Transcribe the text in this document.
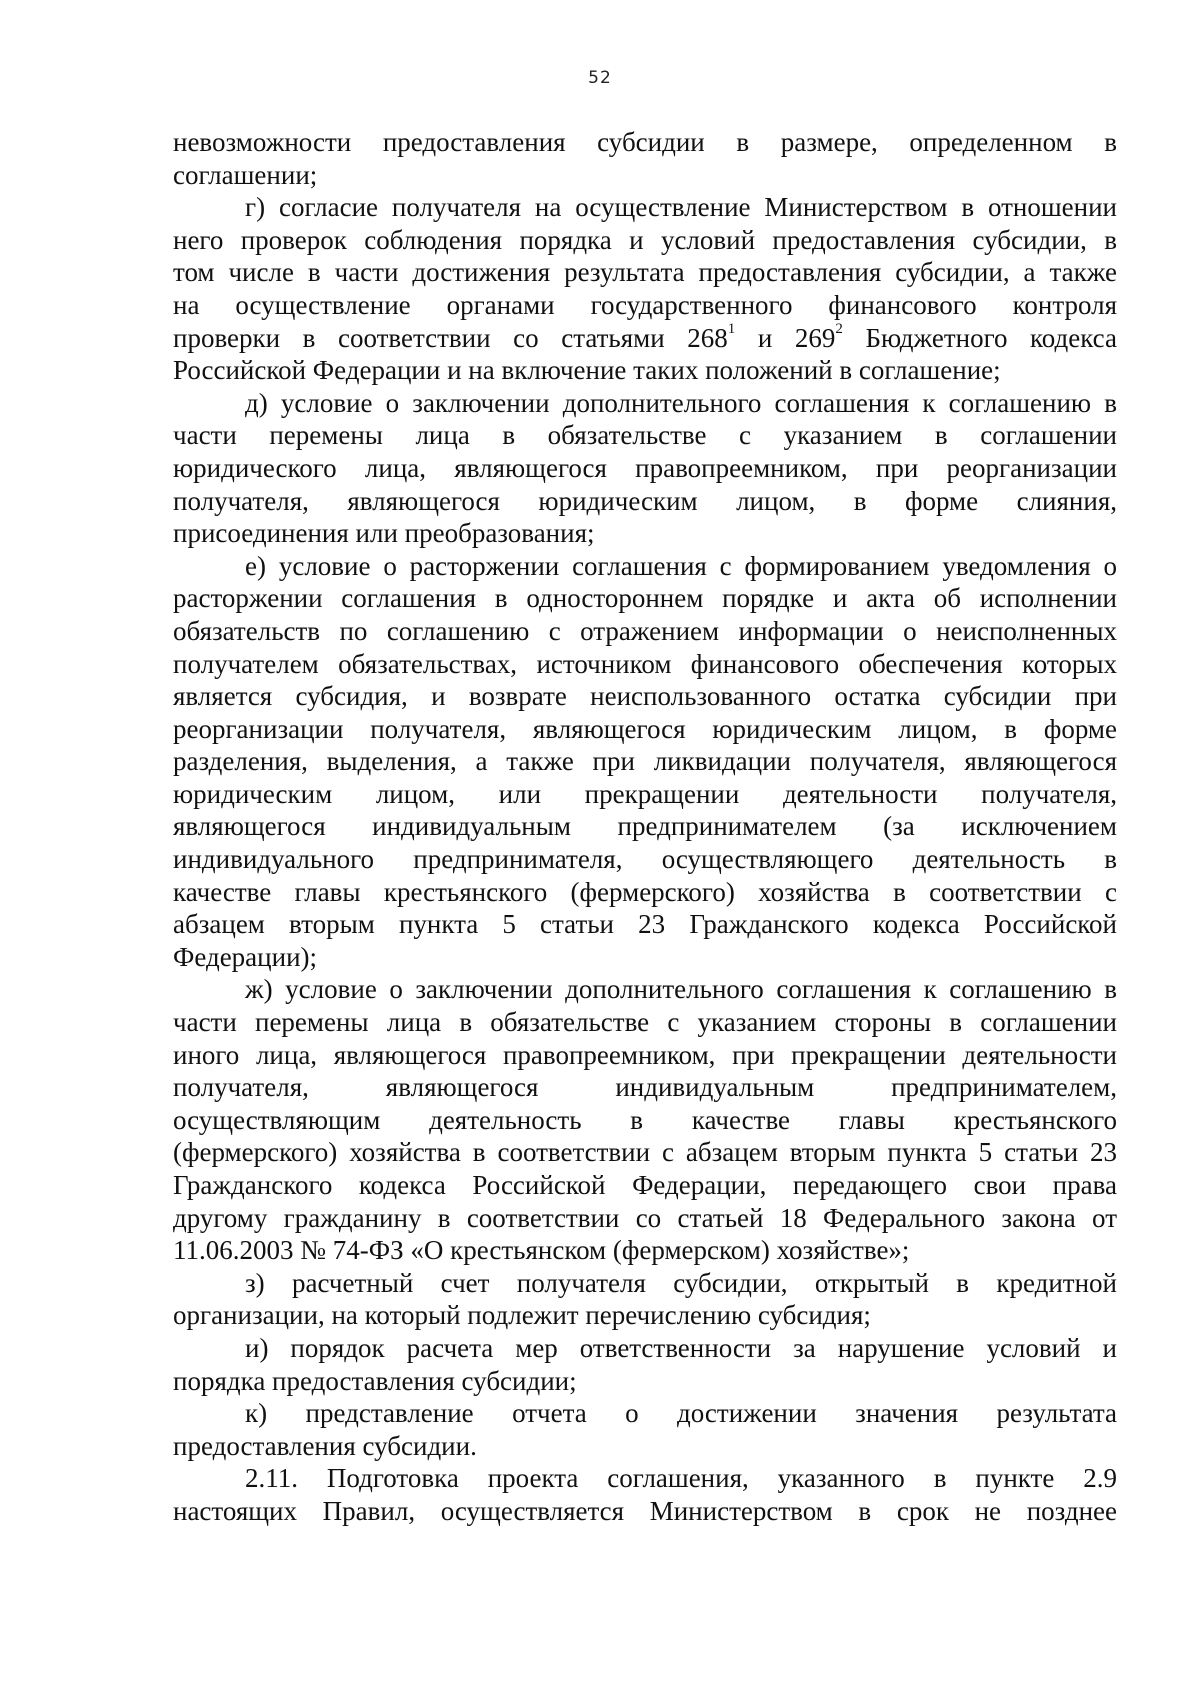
52
невозможности предоставления субсидии в размере, определенном в
соглашении;
г) согласие получателя на осуществление Министерством в отношении
него проверок соблюдения порядка и условий предоставления субсидии, в
том числе в части достижения результата предоставления субсидии, а также
на осуществление органами государственного финансового контроля
проверки в соответствии со статьями $268^1$ и $269^2$ Бюджетного кодекса
Российской Федерации и на включение таких положений в соглашение;
д) условие о заключении дополнительного соглашения к соглашению в
части перемены лица в обязательстве с указанием в соглашении
юридического лица, являющегося правопреемником, при реорганизации
получателя, являющегося юридическим лицом, в форме слияния,
присоединения или преобразования;
е) условие о расторжении соглашения с формированием уведомления о
расторжении соглашения в одностороннем порядке и акта об исполнении
обязательств по соглашению с отражением информации о неисполненных
получателем обязательствах, источником финансового обеспечения которых
является субсидия, и возврате неиспользованного остатка субсидии при
реорганизации получателя, являющегося юридическим лицом, в форме
разделения, выделения, а также при ликвидации получателя, являющегося
юридическим лицом, или прекращении деятельности получателя,
являющегося индивидуальным предпринимателем (за исключением
индивидуального предпринимателя, осуществляющего деятельность в
качестве главы крестьянского (фермерского) хозяйства в соответствии с
абзацем вторым пункта 5 статьи 23 Гражданского кодекса Российской
Федерации);
ж) условие о заключении дополнительного соглашения к соглашению в
части перемены лица в обязательстве с указанием стороны в соглашении
иного лица, являющегося правопреемником, при прекращении деятельности
получателя, являющегося индивидуальным предпринимателем,
осуществляющим деятельность в качестве главы крестьянского
(фермерского) хозяйства в соответствии с абзацем вторым пункта 5 статьи 23
Гражданского кодекса Российской Федерации, передающего свои права
другому гражданину в соответствии со статьей 18 Федерального закона от
11.06.2003 № 74-ФЗ «О крестьянском (фермерском) хозяйстве»;
з) расчетный счет получателя субсидии, открытый в кредитной
организации, на который подлежит перечислению субсидия;
и) порядок расчета мер ответственности за нарушение условий и
порядка предоставления субсидии;
к) представление отчета о достижении значения результата
предоставления субсидии.
2.11. Подготовка проекта соглашения, указанного в пункте 2.9
настоящих Правил, осуществляется Министерством в срок не позднее
